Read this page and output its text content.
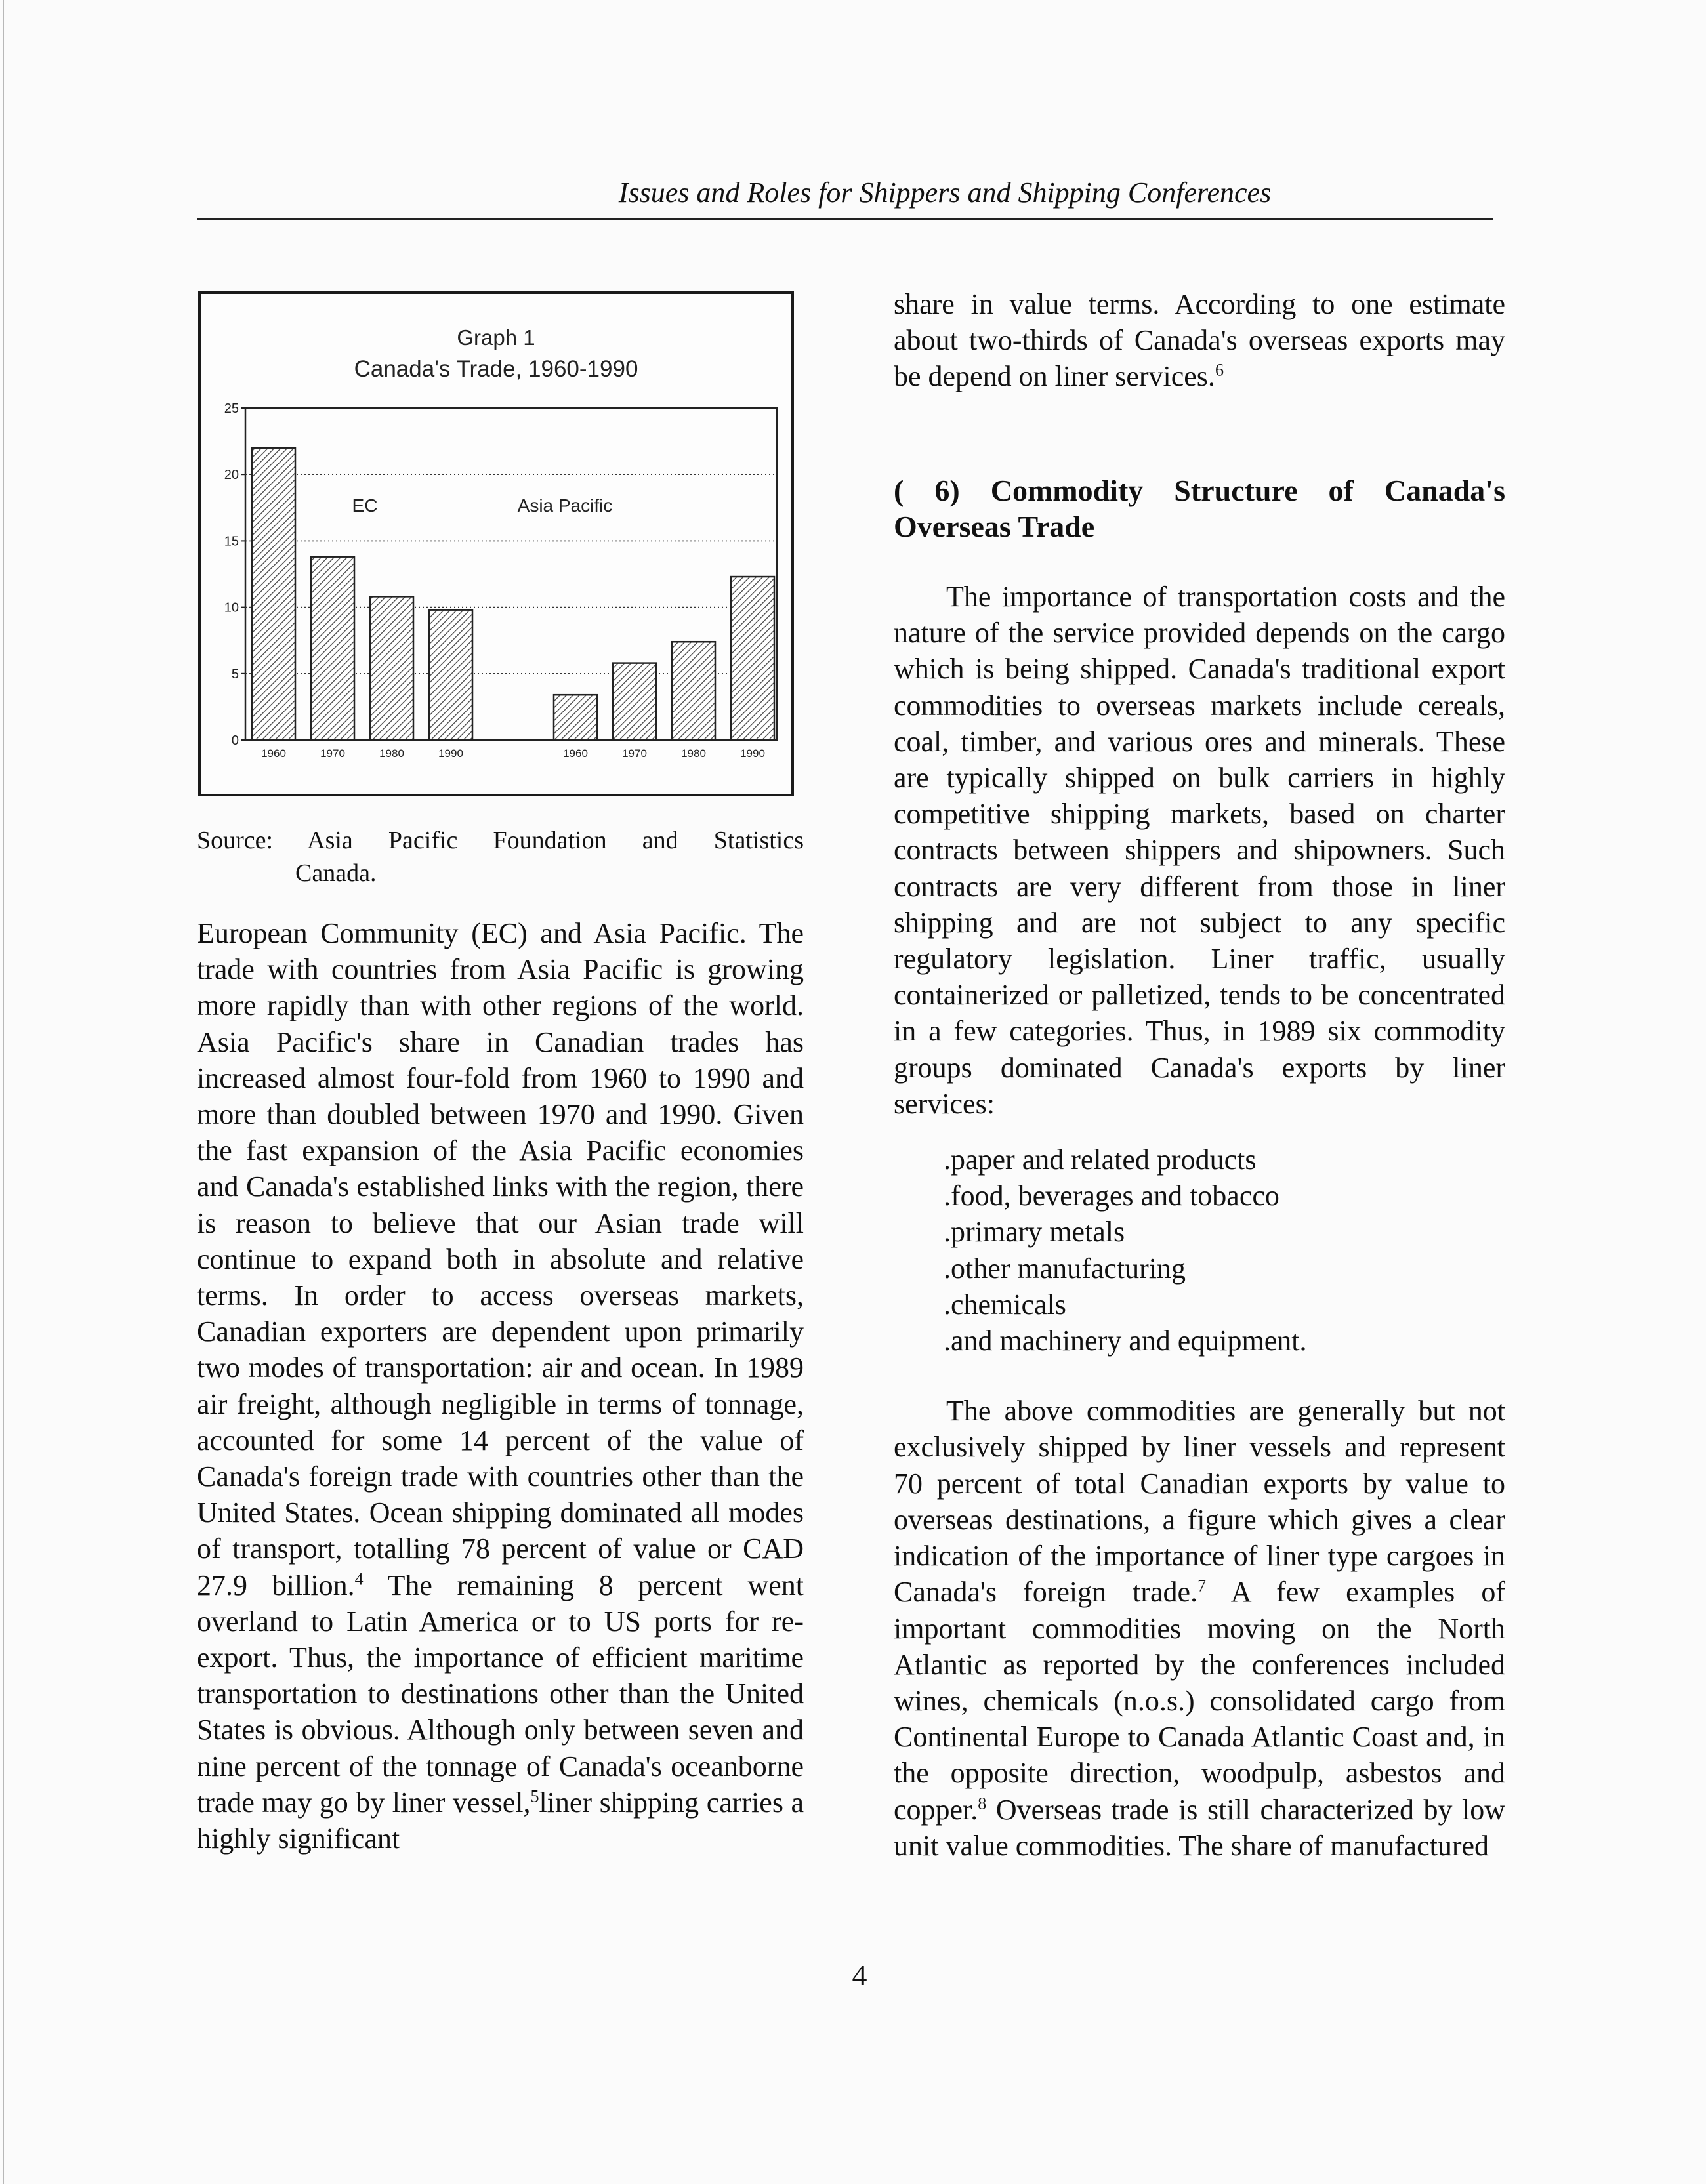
Issues and Roles for Shippers and Shipping Conferences
Graph 1
Canada's Trade, 1960-1990
0
5
10
15
20
25
1960	1970	1980	1990
EC
1960	1970	1980	1990
Asia Pacific
Source: Asia Pacific Foundation and Statistics
Canada.
European Community (EC) and Asia Pacific. The trade with countries from Asia Pacific is growing more rapidly than with other regions of the world. Asia Pacific's share in Canadian trades has increased almost four-fold from 1960 to 1990 and more than doubled between 1970 and 1990. Given the fast expansion of the Asia Pacific economies and Canada's established links with the region, there is reason to believe that our Asian trade will continue to expand both in absolute and relative terms. In order to access overseas markets, Canadian exporters are dependent upon primarily two modes of transportation: air and ocean. In 1989 air freight, although negligible in terms of tonnage, accounted for some 14 percent of the value of Canada's foreign trade with countries other than the United States. Ocean shipping dominated all modes of transport, totalling 78 percent of value or CAD 27.9 billion.$^4$ The remaining 8 percent went overland to Latin America or to US ports for re-export. Thus, the importance of efficient maritime transportation to destinations other than the United States is obvious. Although only between seven and nine percent of the tonnage of Canada's oceanborne trade may go by liner vessel,$^5$liner shipping carries a highly significant

share in value terms. According to one estimate about two-thirds of Canada's overseas exports may be depend on liner services.$^6$

( 6) Commodity Structure of Canada's Overseas Trade

The importance of transportation costs and the nature of the service provided depends on the cargo which is being shipped. Canada's traditional export commodities to overseas markets include cereals, coal, timber, and various ores and minerals. These are typically shipped on bulk carriers in highly competitive shipping markets, based on charter contracts between shippers and shipowners. Such contracts are very different from those in liner shipping and are not subject to any specific regulatory legislation. Liner traffic, usually containerized or palletized, tends to be concentrated in a few categories. Thus, in 1989 six commodity groups dominated Canada's exports by liner services:

.paper and related products
.food, beverages and tobacco
.primary metals
.other manufacturing
.chemicals
.and machinery and equipment.

The above commodities are generally but not exclusively shipped by liner vessels and represent 70 percent of total Canadian exports by value to overseas destinations, a figure which gives a clear indication of the importance of liner type cargoes in Canada's foreign trade.$^7$ A few examples of important commodities moving on the North Atlantic as reported by the conferences included wines, chemicals (n.o.s.) consolidated cargo from Continental Europe to Canada Atlantic Coast and, in the opposite direction, woodpulp, asbestos and copper.$^8$ Overseas trade is still characterized by low unit value commodities. The share of manufactured

4
